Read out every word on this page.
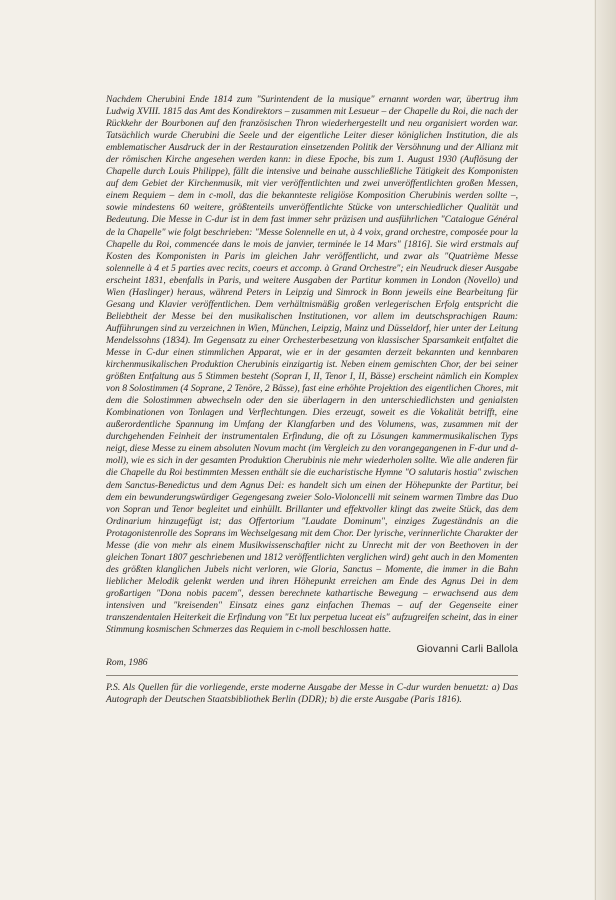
Nachdem Cherubini Ende 1814 zum "Surintendent de la musique" ernannt worden war, übertrug ihm Ludwig XVIII. 1815 das Amt des Kondirektors – zusammen mit Lesueur – der Chapelle du Roi, die nach der Rückkehr der Bourbonen auf den französischen Thron wiederhergestellt und neu organisiert worden war. Tatsächlich wurde Cherubini die Seele und der eigentliche Leiter dieser königlichen Institution, die als emblematischer Ausdruck der in der Restauration einsetzenden Politik der Versöhnung und der Allianz mit der römischen Kirche angesehen werden kann: in diese Epoche, bis zum 1. August 1930 (Auflösung der Chapelle durch Louis Philippe), fällt die intensive und beinahe ausschließliche Tätigkeit des Komponisten auf dem Gebiet der Kirchenmusik, mit vier veröffentlichten und zwei unveröffentlichten großen Messen, einem Requiem – dem in c-moll, das die bekannteste religiöse Komposition Cherubinis werden sollte –, sowie mindestens 60 weitere, größtenteils unveröffentlichte Stücke von unterschiedlicher Qualität und Bedeutung. Die Messe in C-dur ist in dem fast immer sehr präzisen und ausführlichen "Catalogue Général de la Chapelle" wie folgt beschrieben: "Messe Solennelle en ut, à 4 voix, grand orchestre, composée pour la Chapelle du Roi, commencée dans le mois de janvier, terminée le 14 Mars" [1816]. Sie wird erstmals auf Kosten des Komponisten in Paris im gleichen Jahr veröffentlicht, und zwar als "Quatrième Messe solennelle à 4 et 5 parties avec recits, coeurs et accomp. à Grand Orchestre"; ein Neudruck dieser Ausgabe erscheint 1831, ebenfalls in Paris, und weitere Ausgaben der Partitur kommen in London (Novello) und Wien (Haslinger) heraus, während Peters in Leipzig und Simrock in Bonn jeweils eine Bearbeitung für Gesang und Klavier veröffentlichen. Dem verhältnismäßig großen verlegerischen Erfolg entspricht die Beliebtheit der Messe bei den musikalischen Institutionen, vor allem im deutschsprachigen Raum: Aufführungen sind zu verzeichnen in Wien, München, Leipzig, Mainz und Düsseldorf, hier unter der Leitung Mendelssohns (1834). Im Gegensatz zu einer Orchesterbesetzung von klassischer Sparsamkeit entfaltet die Messe in C-dur einen stimmlichen Apparat, wie er in der gesamten derzeit bekannten und kennbaren kirchenmusikalischen Produktion Cherubinis einzigartig ist. Neben einem gemischten Chor, der bei seiner größten Entfaltung aus 5 Stimmen besteht (Sopran I, II, Tenor I, II, Bässe) erscheint nämlich ein Komplex von 8 Solostimmen (4 Soprane, 2 Tenöre, 2 Bässe), fast eine erhöhte Projektion des eigentlichen Chores, mit dem die Solostimmen abwechseln oder den sie überlagern in den unterschiedlichsten und genialsten Kombinationen von Tonlagen und Verflechtungen. Dies erzeugt, soweit es die Vokalität betrifft, eine außerordentliche Spannung im Umfang der Klangfarben und des Volumens, was, zusammen mit der durchgehenden Feinheit der instrumentalen Erfindung, die oft zu Lösungen kammermusikalischen Typs neigt, diese Messe zu einem absoluten Novum macht (im Vergleich zu den vorangegangenen in F-dur und d-moll), wie es sich in der gesamten Produktion Cherubinis nie mehr wiederholen sollte. Wie alle anderen für die Chapelle du Roi bestimmten Messen enthält sie die eucharistische Hymne "O salutaris hostia" zwischen dem Sanctus-Benedictus und dem Agnus Dei: es handelt sich um einen der Höhepunkte der Partitur, bei dem ein bewunderungswürdiger Gegengesang zweier Solo-Violoncelli mit seinem warmen Timbre das Duo von Sopran und Tenor begleitet und einhüllt. Brillanter und effektvoller klingt das zweite Stück, das dem Ordinarium hinzugefügt ist; das Offertorium "Laudate Dominum", einziges Zugeständnis an die Protagonistenrolle des Soprans im Wechselgesang mit dem Chor. Der lyrische, verinnerlichte Charakter der Messe (die von mehr als einem Musikwissenschaftler nicht zu Unrecht mit der von Beethoven in der gleichen Tonart 1807 geschriebenen und 1812 veröffentlichten verglichen wird) geht auch in den Momenten des größten klanglichen Jubels nicht verloren, wie Gloria, Sanctus – Momente, die immer in die Bahn lieblicher Melodik gelenkt werden und ihren Höhepunkt erreichen am Ende des Agnus Dei in dem großartigen "Dona nobis pacem", dessen berechnete kathartische Bewegung – erwachsend aus dem intensiven und "kreisenden" Einsatz eines ganz einfachen Themas – auf der Gegenseite einer transzendentalen Heiterkeit die Erfindung von "Et lux perpetua luceat eis" aufzugreifen scheint, das in einer Stimmung kosmischen Schmerzes das Requiem in c-moll beschlossen hatte.

Giovanni Carli Ballola

Rom, 1986

P.S. Als Quellen für die vorliegende, erste moderne Ausgabe der Messe in C-dur wurden benuetzt: a) Das Autograph der Deutschen Staatsbibliothek Berlin (DDR); b) die erste Ausgabe (Paris 1816).
